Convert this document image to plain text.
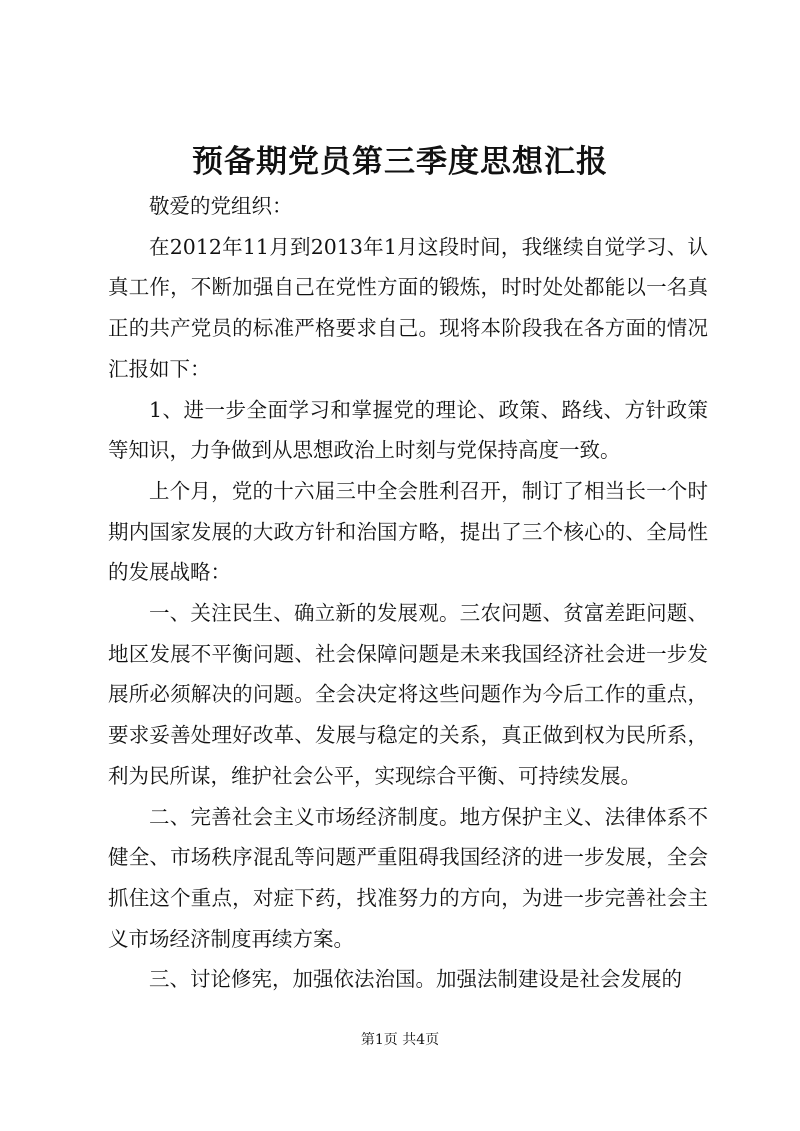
预备期党员第三季度思想汇报

敬爱的党组织：

在2012年11月到2013年1月这段时间，我继续自觉学习、认真工作，不断加强自己在党性方面的锻炼，时时处处都能以一名真正的共产党员的标准严格要求自己。现将本阶段我在各方面的情况汇报如下：

1、进一步全面学习和掌握党的理论、政策、路线、方针政策等知识，力争做到从思想政治上时刻与党保持高度一致。

上个月，党的十六届三中全会胜利召开，制订了相当长一个时期内国家发展的大政方针和治国方略，提出了三个核心的、全局性的发展战略：

一、关注民生、确立新的发展观。三农问题、贫富差距问题、地区发展不平衡问题、社会保障问题是未来我国经济社会进一步发展所必须解决的问题。全会决定将这些问题作为今后工作的重点，要求妥善处理好改革、发展与稳定的关系，真正做到权为民所系，利为民所谋，维护社会公平，实现综合平衡、可持续发展。

二、完善社会主义市场经济制度。地方保护主义、法律体系不健全、市场秩序混乱等问题严重阻碍我国经济的进一步发展，全会抓住这个重点，对症下药，找准努力的方向，为进一步完善社会主义市场经济制度再续方案。

三、讨论修宪，加强依法治国。加强法制建设是社会发展的

第1页 共4页
